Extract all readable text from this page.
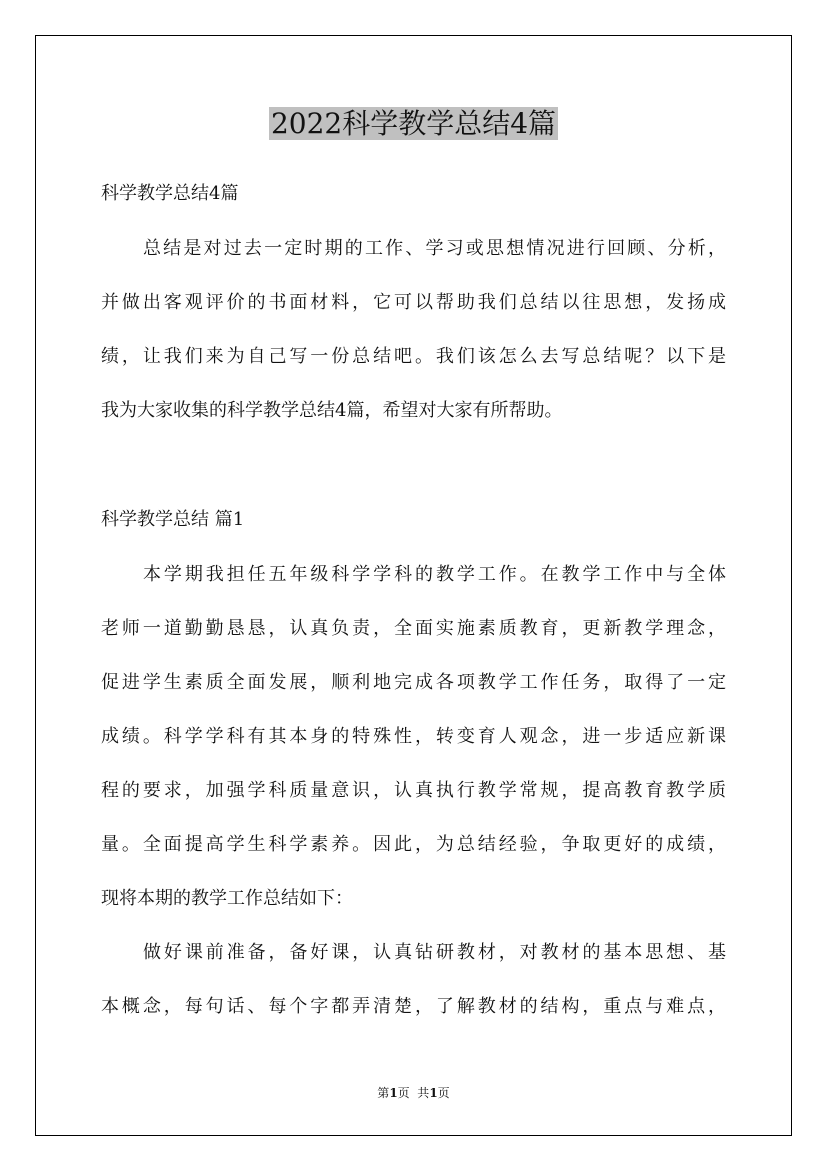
2022科学教学总结4篇
科学教学总结4篇
总结是对过去一定时期的工作、学习或思想情况进行回顾、分析，
并做出客观评价的书面材料，它可以帮助我们总结以往思想，发扬成
绩，让我们来为自己写一份总结吧。我们该怎么去写总结呢？以下是
我为大家收集的科学教学总结4篇，希望对大家有所帮助。
科学教学总结 篇1
本学期我担任五年级科学学科的教学工作。在教学工作中与全体
老师一道勤勤恳恳，认真负责，全面实施素质教育，更新教学理念，
促进学生素质全面发展，顺利地完成各项教学工作任务，取得了一定
成绩。科学学科有其本身的特殊性，转变育人观念，进一步适应新课
程的要求，加强学科质量意识，认真执行教学常规，提高教育教学质
量。全面提高学生科学素养。因此，为总结经验，争取更好的成绩，
现将本期的教学工作总结如下：
做好课前准备，备好课，认真钻研教材，对教材的基本思想、基
本概念，每句话、每个字都弄清楚，了解教材的结构，重点与难点，
第1页  共1页
